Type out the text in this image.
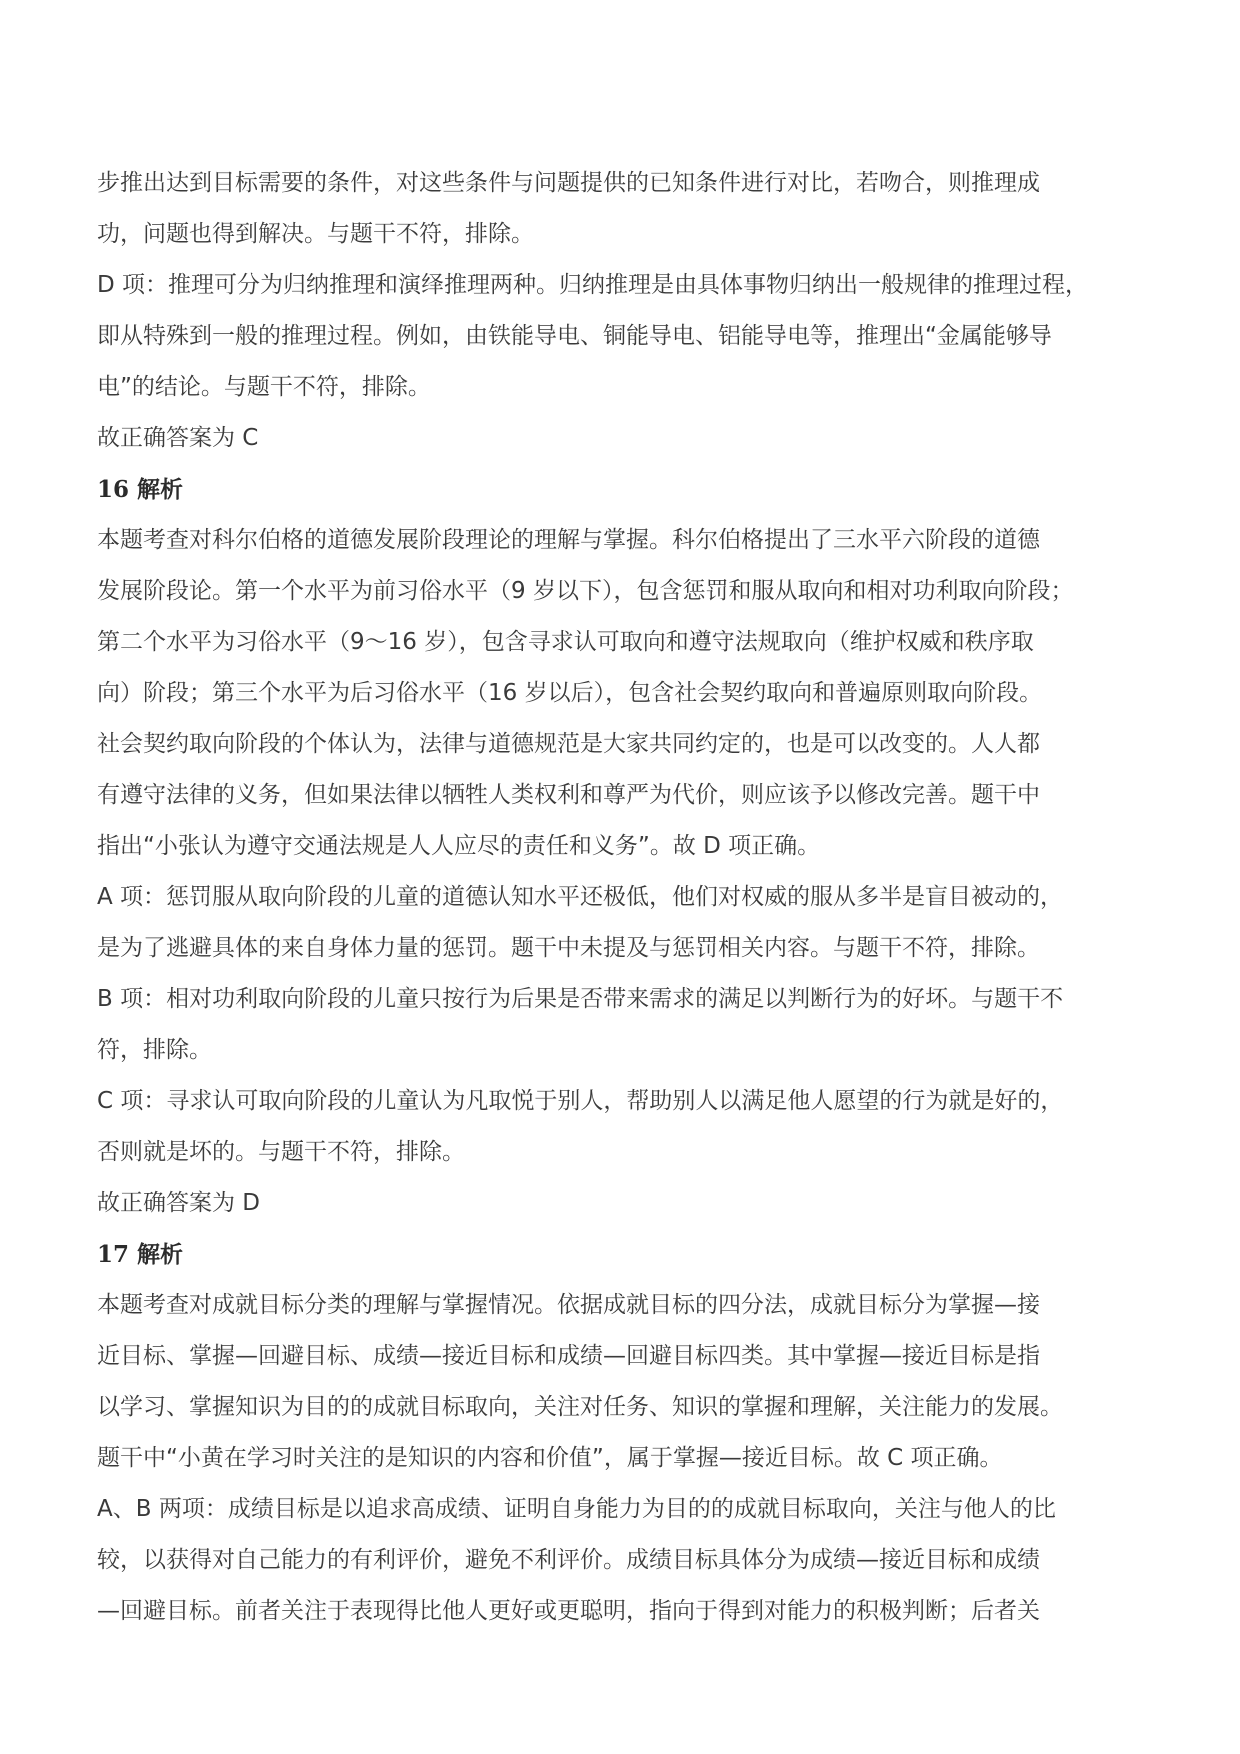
步推出达到目标需要的条件，对这些条件与问题提供的已知条件进行对比，若吻合，则推理成
功，问题也得到解决。与题干不符，排除。
D 项：推理可分为归纳推理和演绎推理两种。归纳推理是由具体事物归纳出一般规律的推理过程，
即从特殊到一般的推理过程。例如，由铁能导电、铜能导电、铝能导电等，推理出“金属能够导
电”的结论。与题干不符，排除。
故正确答案为 C
16 解析
本题考查对科尔伯格的道德发展阶段理论的理解与掌握。科尔伯格提出了三水平六阶段的道德
发展阶段论。第一个水平为前习俗水平（9 岁以下），包含惩罚和服从取向和相对功利取向阶段；
第二个水平为习俗水平（9～16 岁），包含寻求认可取向和遵守法规取向（维护权威和秩序取
向）阶段；第三个水平为后习俗水平（16 岁以后），包含社会契约取向和普遍原则取向阶段。
社会契约取向阶段的个体认为，法律与道德规范是大家共同约定的，也是可以改变的。人人都
有遵守法律的义务，但如果法律以牺牲人类权利和尊严为代价，则应该予以修改完善。题干中
指出“小张认为遵守交通法规是人人应尽的责任和义务”。故 D 项正确。
A 项：惩罚服从取向阶段的儿童的道德认知水平还极低，他们对权威的服从多半是盲目被动的，
是为了逃避具体的来自身体力量的惩罚。题干中未提及与惩罚相关内容。与题干不符，排除。
B 项：相对功利取向阶段的儿童只按行为后果是否带来需求的满足以判断行为的好坏。与题干不
符，排除。
C 项：寻求认可取向阶段的儿童认为凡取悦于别人，帮助别人以满足他人愿望的行为就是好的，
否则就是坏的。与题干不符，排除。
故正确答案为 D
17 解析
本题考查对成就目标分类的理解与掌握情况。依据成就目标的四分法，成就目标分为掌握—接
近目标、掌握—回避目标、成绩—接近目标和成绩—回避目标四类。其中掌握—接近目标是指
以学习、掌握知识为目的的成就目标取向，关注对任务、知识的掌握和理解，关注能力的发展。
题干中“小黄在学习时关注的是知识的内容和价值”，属于掌握—接近目标。故 C 项正确。
A、B 两项：成绩目标是以追求高成绩、证明自身能力为目的的成就目标取向，关注与他人的比
较，以获得对自己能力的有利评价，避免不利评价。成绩目标具体分为成绩—接近目标和成绩
—回避目标。前者关注于表现得比他人更好或更聪明，指向于得到对能力的积极判断；后者关
